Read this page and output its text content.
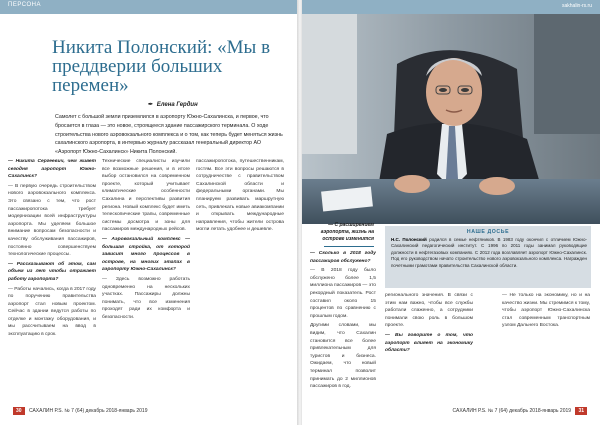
ПЕРСОНА
Никита Полонский: «Мы в преддверии больших перемен»
✒ Елена Гердин

Самолет с большой земли приземлился в аэропорту Южно-Сахалинска, и первое, что бросается в глаза — это новое, строящееся здание пассажирского терминала. О ходе строительства нового аэровокзального комплекса и о том, как теперь будет меняться жизнь сахалинского аэропорта, в интервью журналу рассказал генеральный директор АО «Аэропорт Южно-Сахалинск» Никита Полонский.

— Никита Сергеевич, чем живет сегодня аэропорт Южно-Сахалинск?

— В первую очередь строительством нового аэровокзального комплекса. Это связано с тем, что рост пассажиропотока требует модернизации всей инфраструктуры аэропорта. Мы уделяем большое внимание вопросам безопасности и качеству обслуживания пассажиров, постоянно совершенствуем технологические процессы.

— Рассказывают об этом, сам объем из лет чтобы отражает работу аэропорта?

— Работы начались, когда в 2017 году по поручению правительства аэропорт стал новым проектом. Сейчас в здании ведутся работы по отделке и монтажу оборудования, и мы рассчитываем на ввод в эксплуатацию в срок.

Технические специалисты изучили все возможные решения, и в итоге выбор остановился на современном проекте, который учитывает климатические особенности Сахалина и перспективы развития региона. Новый комплекс будет иметь телескопические трапы, современные системы досмотра и зоны для пассажиров международных рейсов.

— Аэровокзальный комплекс — большая стройка, от которой зависит много процессов в острове, на многих этапах в аэропорту Южно-Сахалинск?

— Здесь возможно работать одновременно на нескольких участках. Пассажиры должны понимать, что все изменения проходят ради их комфорта и безопасности.

пассажиропотока, путешественникам, гостям. Все эти вопросы решаются в сотрудничестве с правительством Сахалинской области и федеральными органами. Мы планируем развивать маршрутную сеть, привлекать новые авиакомпании и открывать международные направления, чтобы жители острова могли летать удобнее и дешевле.

30 САХАЛИН Р.S. № 7 (64) декабрь 2018-январь 2019
sakhalin-rs.ru

— С расширением аэропорта, жизнь на острове изменится

НАШЕ ДОСЬЕ

Н.С. Полонский родился в семье нефтяников. В 1983 году окончил с отличием Южно-Сахалинский педагогический институт. С 1996 по 2011 годы занимал руководящие должности в нефтегазовых компаниях. С 2012 года возглавляет аэропорт Южно-Сахалинск. Под его руководством начато строительство нового аэровокзального комплекса. Награжден почетными грамотами правительства Сахалинской области.

— Сколько в 2018 году пассажиров обслужено?

— В 2018 году было обслужено более 1,5 миллиона пассажиров — это рекордный показатель. Рост составил около 15 процентов по сравнению с прошлым годом.

Другими словами, мы видим, что Сахалин становится все более привлекательным для туристов и бизнеса. Ожидаем, что новый терминал позволит принимать до 2 миллионов пассажиров в год.

регионального значения. В связи с этим нам важно, чтобы все службы работали слаженно, а сотрудники понимали свою роль в большом проекте.

— Вы говорите о том, что аэропорт влияет на экономику области?

— Не только на экономику, но и на качество жизни. Мы стремимся к тому, чтобы аэропорт Южно-Сахалинска стал современным транспортным узлом Дальнего Востока.

САХАЛИН Р.S. № 7 (64) декабрь 2018-январь 2019 31
